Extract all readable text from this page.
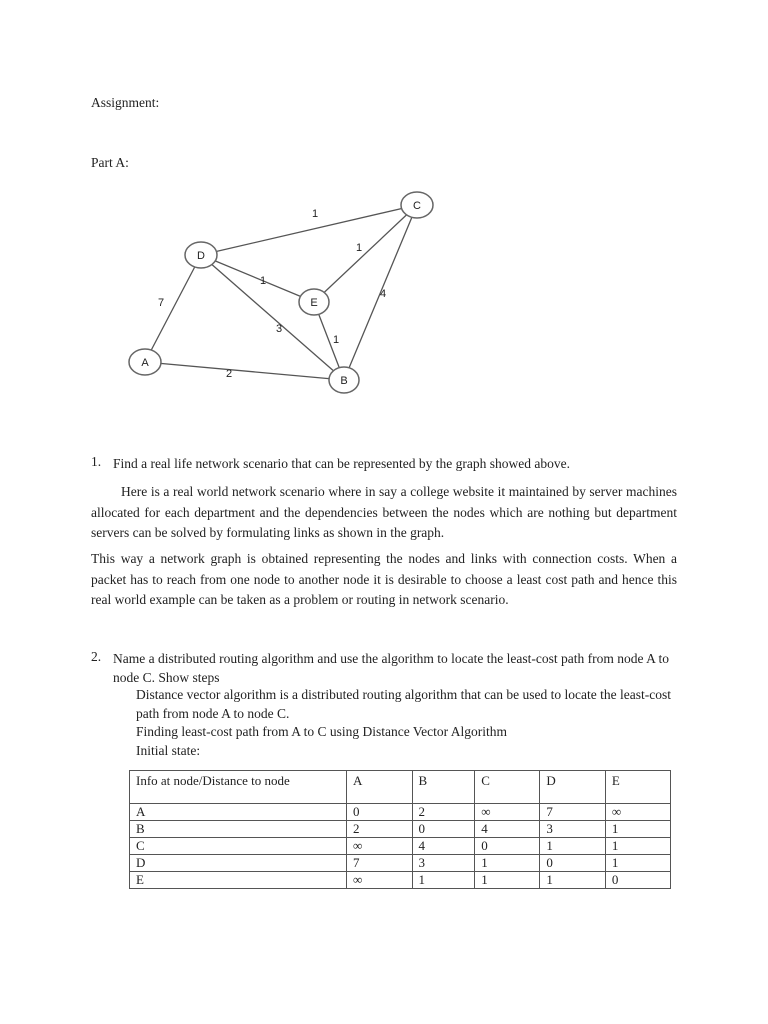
Assignment:
Part A:
1
1
1
7
3
1
4
2
C
D
E
A
B
1. Find a real life network scenario that can be represented by the graph showed above.
Here is a real world network scenario where in say a college website it maintained by server machines allocated for each department and the dependencies between the nodes which are nothing but department servers can be solved by formulating links as shown in the graph.
This way a network graph is obtained representing the nodes and links with connection costs. When a packet has to reach from one node to another node it is desirable to choose a least cost path and hence this real world example can be taken as a problem or routing in network scenario.
2. Name a distributed routing algorithm and use the algorithm to locate the least-cost path from node A to node C. Show steps
Distance vector algorithm is a distributed routing algorithm that can be used to locate the least-cost path from node A to node C.
Finding least-cost path from A to C using Distance Vector Algorithm
Initial state:
Info at node/Distance to node	A	B	C	D	E
A	0	2	∞	7	∞
B	2	0	4	3	1
C	∞	4	0	1	1
D	7	3	1	0	1
E	∞	1	1	1	0
